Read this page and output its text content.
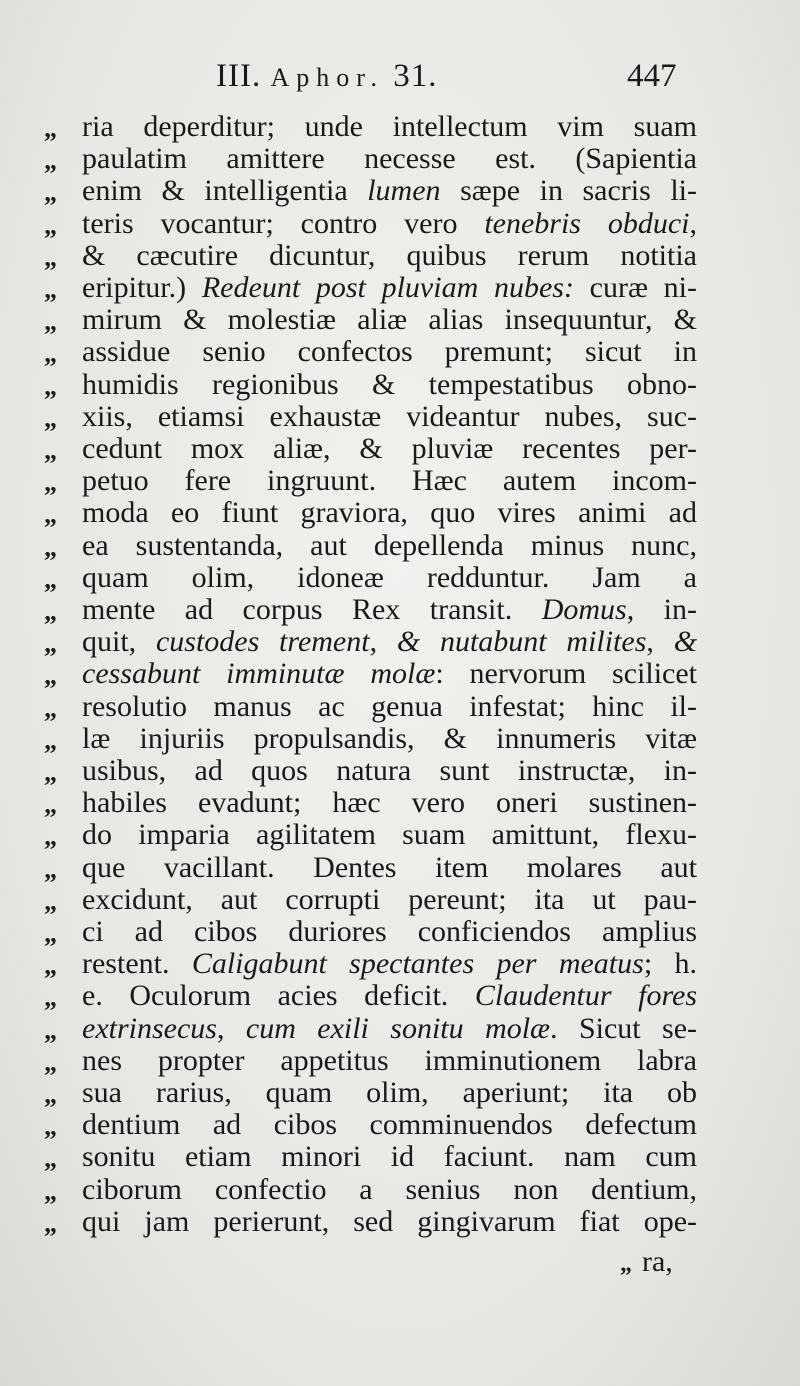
III. Aphor. 31.	447
„ ria deperditur; unde intellectum vim suam
„ paulatim amittere necesse est. (Sapientia
„ enim & intelligentia lumen sæpe in sacris li-
„ teris vocantur; contro vero tenebris obduci,
„ & cæcutire dicuntur, quibus rerum notitia
„ eripitur.) Redeunt post pluviam nubes: curæ ni-
„ mirum & molestiæ aliæ alias insequuntur, &
„ assidue senio confectos premunt; sicut in
„ humidis regionibus & tempestatibus obno-
„ xiis, etiamsi exhaustæ videantur nubes, suc-
„ cedunt mox aliæ, & pluviæ recentes per-
„ petuo fere ingruunt. Hæc autem incom-
„ moda eo fiunt graviora, quo vires animi ad
„ ea sustentanda, aut depellenda minus nunc,
„ quam olim, idoneæ redduntur. Jam a
„ mente ad corpus Rex transit. Domus, in-
„ quit, custodes trement, & nutabunt milites, &
„ cessabunt imminutæ molæ: nervorum scilicet
„ resolutio manus ac genua infestat; hinc il-
„ læ injuriis propulsandis, & innumeris vitæ
„ usibus, ad quos natura sunt instructæ, in-
„ habiles evadunt; hæc vero oneri sustinen-
„ do imparia agilitatem suam amittunt, flexu-
„ que vacillant. Dentes item molares aut
„ excidunt, aut corrupti pereunt; ita ut pau-
„ ci ad cibos duriores conficiendos amplius
„ restent. Caligabunt spectantes per meatus; h.
„ e. Oculorum acies deficit. Claudentur fores
„ extrinsecus, cum exili sonitu molæ. Sicut se-
„ nes propter appetitus imminutionem labra
„ sua rarius, quam olim, aperiunt; ita ob
„ dentium ad cibos comminuendos defectum
„ sonitu etiam minori id faciunt. nam cum
„ ciborum confectio a senius non dentium,
„ qui jam perierunt, sed gingivarum fiat ope-
„ ra,
